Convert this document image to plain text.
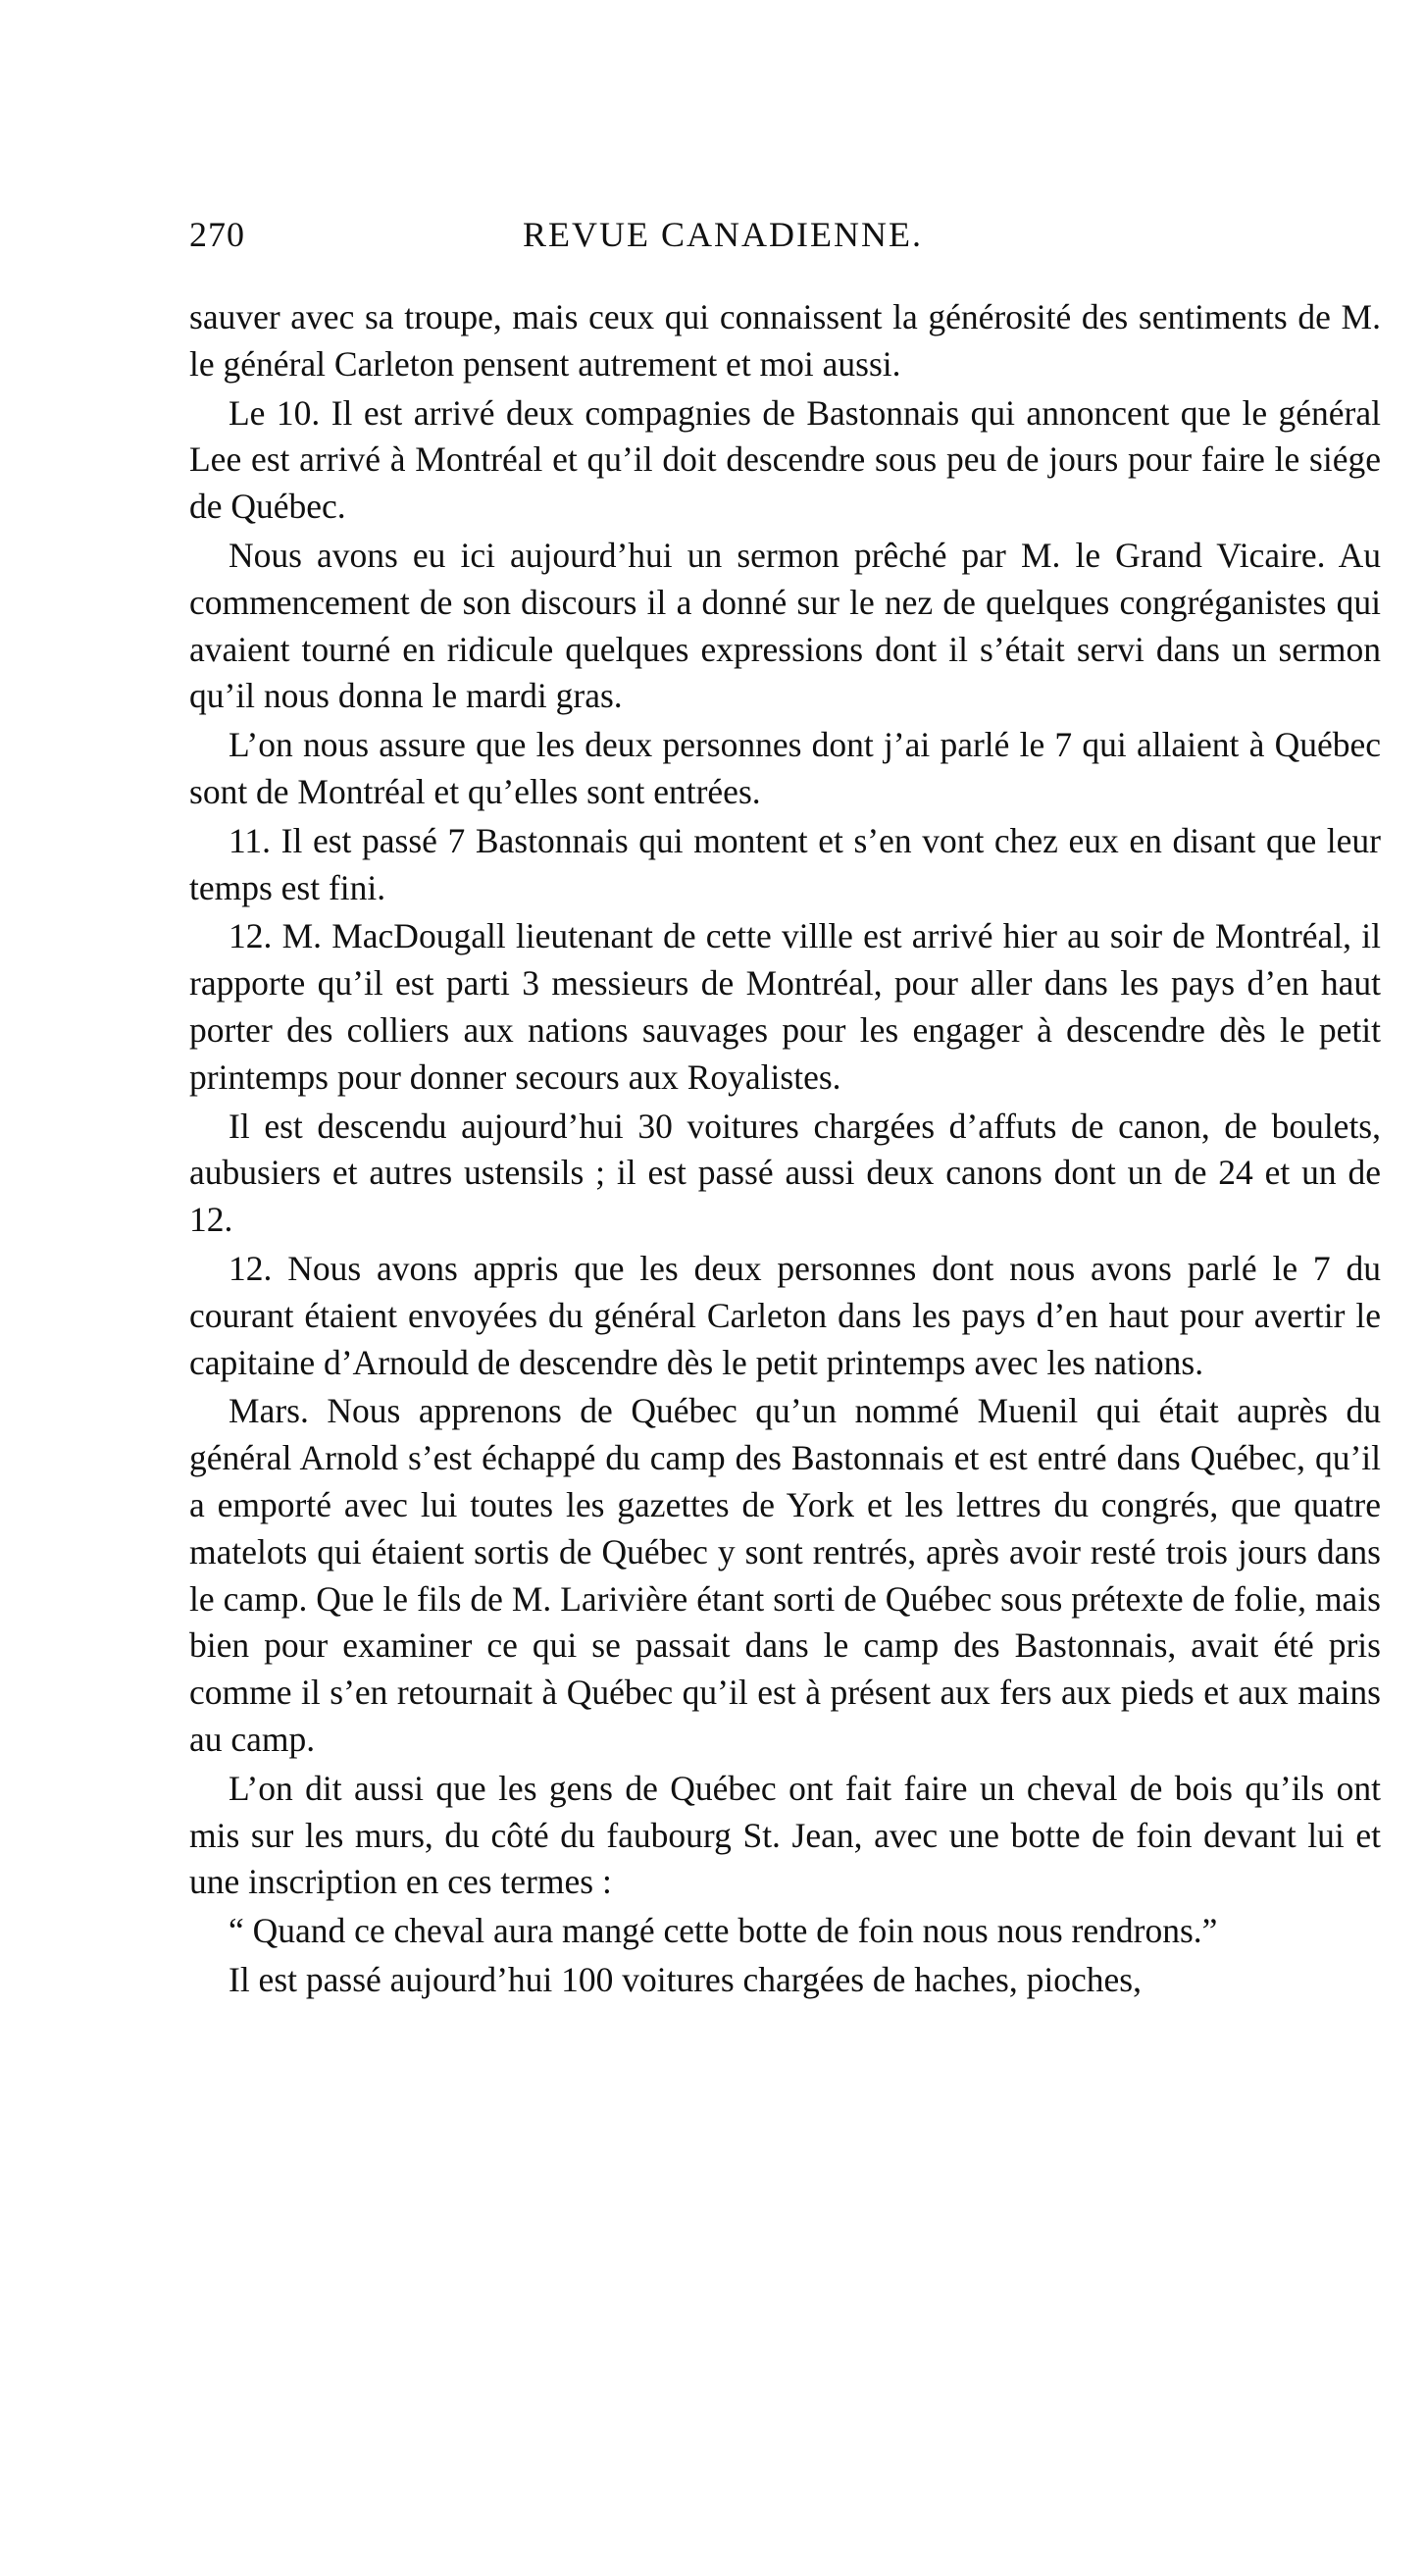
270	REVUE CANADIENNE.

sauver avec sa troupe, mais ceux qui connaissent la générosité des sentiments de M. le général Carleton pensent autrement et moi aussi.

Le 10. Il est arrivé deux compagnies de Bastonnais qui annoncent que le général Lee est arrivé à Montréal et qu’il doit descendre sous peu de jours pour faire le siége de Québec.

Nous avons eu ici aujourd’hui un sermon prêché par M. le Grand Vicaire. Au commencement de son discours il a donné sur le nez de quelques congréganistes qui avaient tourné en ridicule quelques expressions dont il s’était servi dans un sermon qu’il nous donna le mardi gras.

L’on nous assure que les deux personnes dont j’ai parlé le 7 qui allaient à Québec sont de Montréal et qu’elles sont entrées.

11. Il est passé 7 Bastonnais qui montent et s’en vont chez eux en disant que leur temps est fini.

12. M. MacDougall lieutenant de cette villle est arrivé hier au soir de Montréal, il rapporte qu’il est parti 3 messieurs de Montréal, pour aller dans les pays d’en haut porter des colliers aux nations sauvages pour les engager à descendre dès le petit printemps pour donner secours aux Royalistes.

Il est descendu aujourd’hui 30 voitures chargées d’affuts de canon, de boulets, aubusiers et autres ustensils ; il est passé aussi deux canons dont un de 24 et un de 12.

12. Nous avons appris que les deux personnes dont nous avons parlé le 7 du courant étaient envoyées du général Carleton dans les pays d’en haut pour avertir le capitaine d’Arnould de descendre dès le petit printemps avec les nations.

Mars. Nous apprenons de Québec qu’un nommé Muenil qui était auprès du général Arnold s’est échappé du camp des Bastonnais et est entré dans Québec, qu’il a emporté avec lui toutes les gazettes de York et les lettres du congrés, que quatre matelots qui étaient sortis de Québec y sont rentrés, après avoir resté trois jours dans le camp. Que le fils de M. Larivière étant sorti de Québec sous prétexte de folie, mais bien pour examiner ce qui se passait dans le camp des Bastonnais, avait été pris comme il s’en retournait à Québec qu’il est à présent aux fers aux pieds et aux mains au camp.

L’on dit aussi que les gens de Québec ont fait faire un cheval de bois qu’ils ont mis sur les murs, du côté du faubourg St. Jean, avec une botte de foin devant lui et une inscription en ces termes :

“ Quand ce cheval aura mangé cette botte de foin nous nous rendrons.”

Il est passé aujourd’hui 100 voitures chargées de haches, pioches,
